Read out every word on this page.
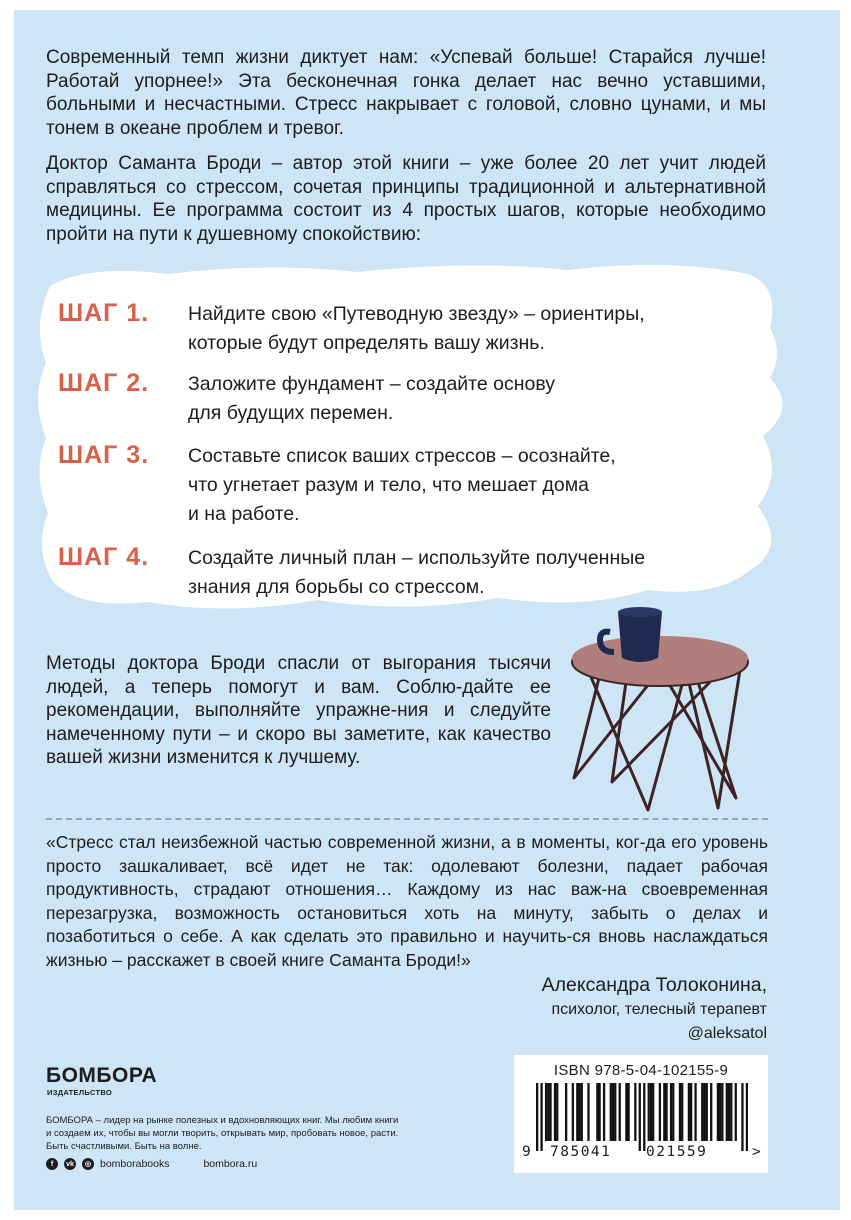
Современный темп жизни диктует нам: «Успевай больше! Старайся лучше! Работай упорнее!» Эта бесконечная гонка делает нас вечно уставшими, больными и несчастными. Стресс накрывает с головой, словно цунами, и мы тонем в океане проблем и тревог.

Доктор Саманта Броди – автор этой книги – уже более 20 лет учит людей справляться со стрессом, сочетая принципы традиционной и альтернативной медицины. Ее программа состоит из 4 простых шагов, которые необходимо пройти на пути к душевному спокойствию:

ШАГ 1.	Найдите свою «Путеводную звезду» – ориентиры,
которые будут определять вашу жизнь.

ШАГ 2.	Заложите фундамент – создайте основу
для будущих перемен.

ШАГ 3.	Составьте список ваших стрессов – осознайте,
что угнетает разум и тело, что мешает дома
и на работе.

ШАГ 4.	Создайте личный план – используйте полученные
знания для борьбы со стрессом.

Методы доктора Броди спасли от выгорания тысячи людей, а теперь помогут и вам. Соблю-дайте ее рекомендации, выполняйте упражне-ния и следуйте намеченному пути – и скоро вы заметите, как качество вашей жизни изменится к лучшему.

«Стресс стал неизбежной частью современной жизни, а в моменты, ког-да его уровень просто зашкаливает, всё идет не так: одолевают болезни, падает рабочая продуктивность, страдают отношения… Каждому из нас важ-на своевременная перезагрузка, возможность остановиться хоть на минуту, забыть о делах и позаботиться о себе. А как сделать это правильно и научить-ся вновь наслаждаться жизнью – расскажет в своей книге Саманта Броди!»

Александра Толоконина,
психолог, телесный терапевт
@aleksatol
БОМБОРА
ИЗДАТЕЛЬСТВО

БОМБОРА – лидер на рынке полезных и вдохновляющих книг. Мы любим книги и создаем их, чтобы вы могли творить, открывать мир, пробовать новое, расти. Быть счастливыми. Быть на волне.

f	vk	◎ bomborabooks	bombora.ru
ISBN 978-5-04-102155-9
9 785041 021559	>
